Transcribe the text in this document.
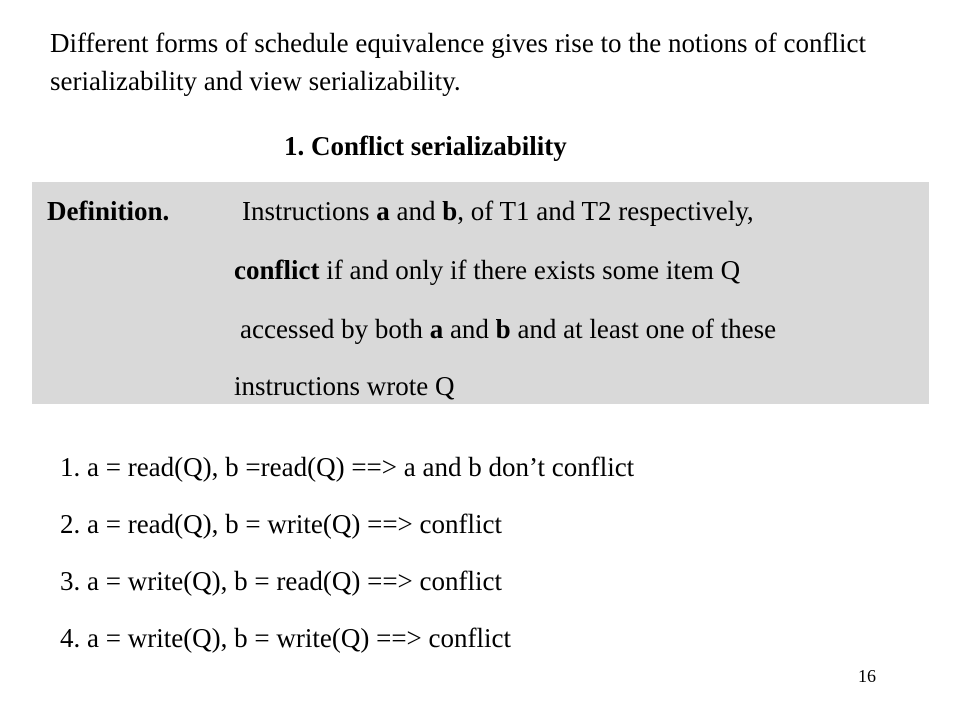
Different forms of schedule equivalence gives rise to the notions of conflict serializability and view serializability.

1. Conflict serializability
Definition.	Instructions a and b, of T1 and T2 respectively,
conflict if and only if there exists some item Q
accessed by both a and b and at least one of these
instructions wrote Q
1. a = read(Q), b =read(Q) ==> a and b don’t conflict
2. a = read(Q), b = write(Q) ==> conflict
3. a = write(Q), b = read(Q) ==> conflict
4. a = write(Q), b = write(Q) ==> conflict
16
